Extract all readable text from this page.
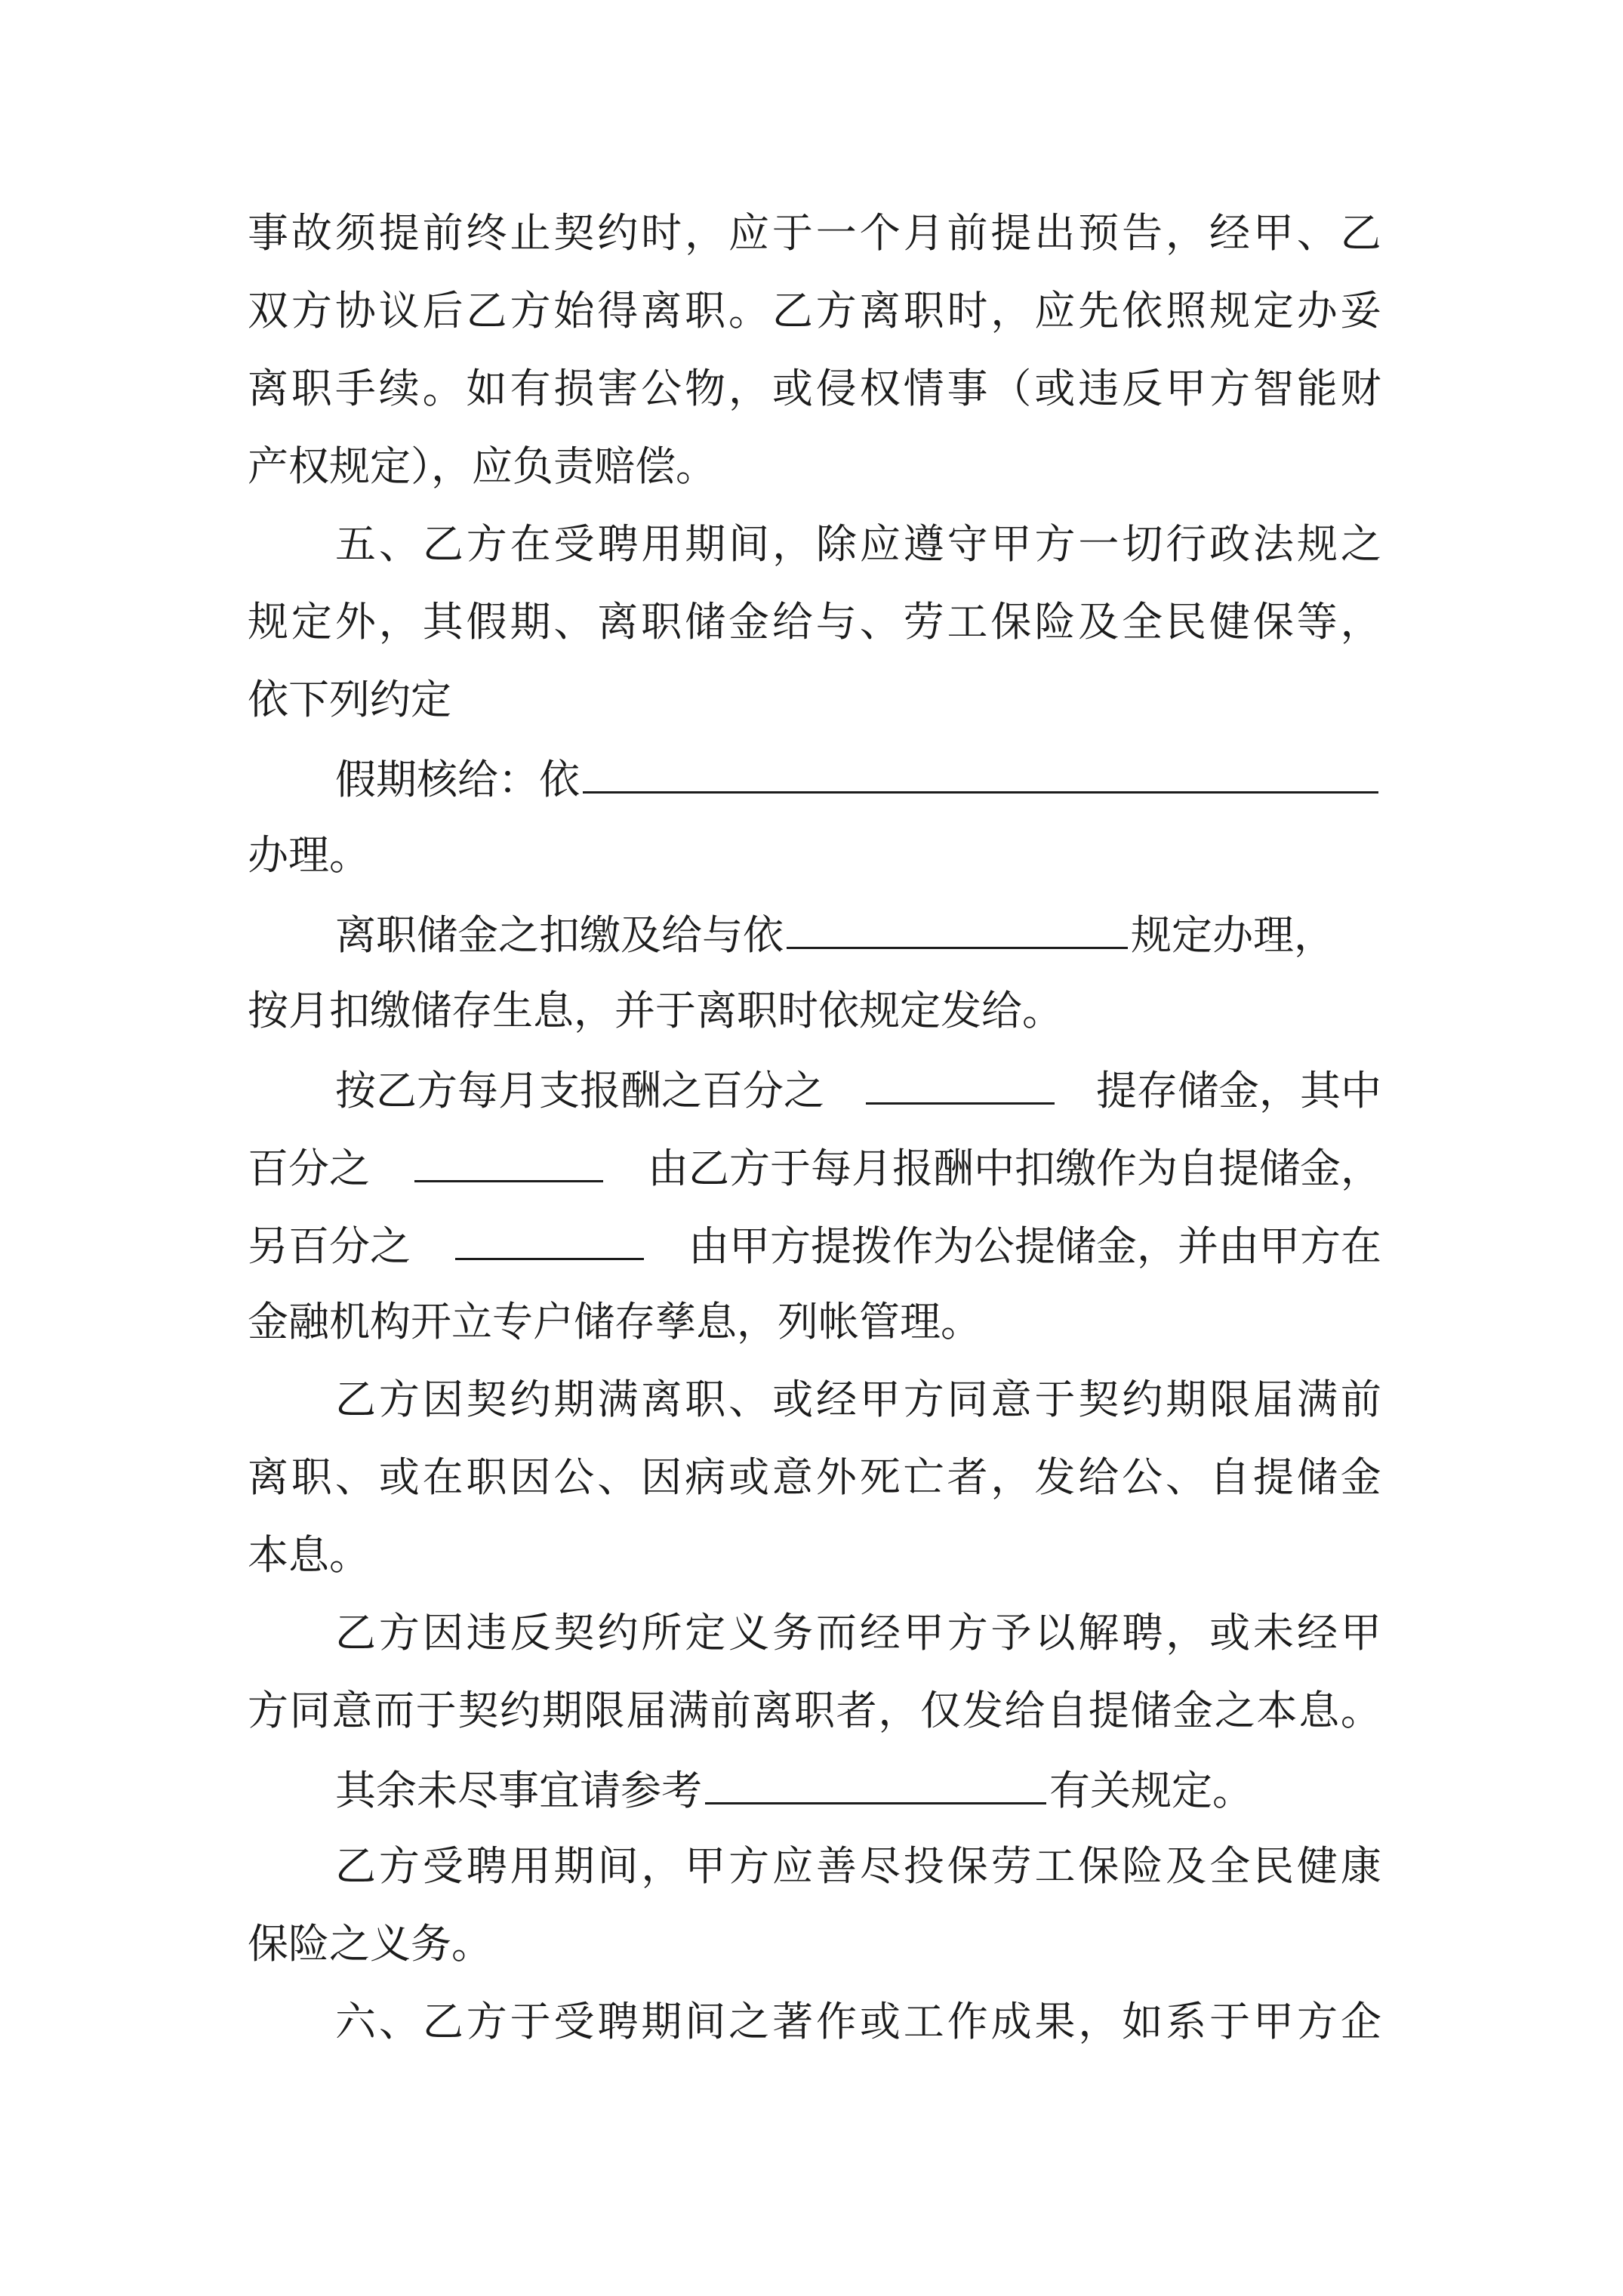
事 故 须 提 前 终 止 契 约 时 ， 应 于 一 个 月 前 提 出 预 告 ， 经 甲 、 乙
双 方 协 议 后 乙 方 始 得 离 职 。 乙 方 离 职 时 ， 应 先 依 照 规 定 办 妥
离 职 手 续 。 如 有 损 害 公 物 ， 或 侵 权 情 事 （ 或 违 反 甲 方 智 能 财
产权规定），应负责赔偿。
五 、 乙 方 在 受 聘 用 期 间 ， 除 应 遵 守 甲 方 一 切 行 政 法 规 之
规 定 外 ， 其 假 期 、 离 职 储 金 给 与 、 劳 工 保 险 及 全 民 健 保 等 ，
依下列约定
假期核给：依
办理。
离职储金之扣缴及给与依	规定办理，
按月扣缴储存生息，并于离职时依规定发给。
按乙方每月支报酬之百分之	提存储金，其中
百分之	由乙方于每月报酬中扣缴作为自提储金，
另百分之	由甲方提拨作为公提储金，并由甲方在
金融机构开立专户储存孳息，列帐管理。
乙 方 因 契 约 期 满 离 职 、 或 经 甲 方 同 意 于 契 约 期 限 届 满 前
离 职 、 或 在 职 因 公 、 因 病 或 意 外 死 亡 者 ， 发 给 公 、 自 提 储 金
本息。
乙 方 因 违 反 契 约 所 定 义 务 而 经 甲 方 予 以 解 聘 ， 或 未 经 甲
方 同 意 而 于 契 约 期 限 届 满 前 离 职 者 ， 仅 发 给 自 提 储 金 之 本 息 。
其余未尽事宜请参考	有关规定。
乙 方 受 聘 用 期 间 ， 甲 方 应 善 尽 投 保 劳 工 保 险 及 全 民 健 康
保险之义务。
六 、 乙 方 于 受 聘 期 间 之 著 作 或 工 作 成 果 ， 如 系 于 甲 方 企
